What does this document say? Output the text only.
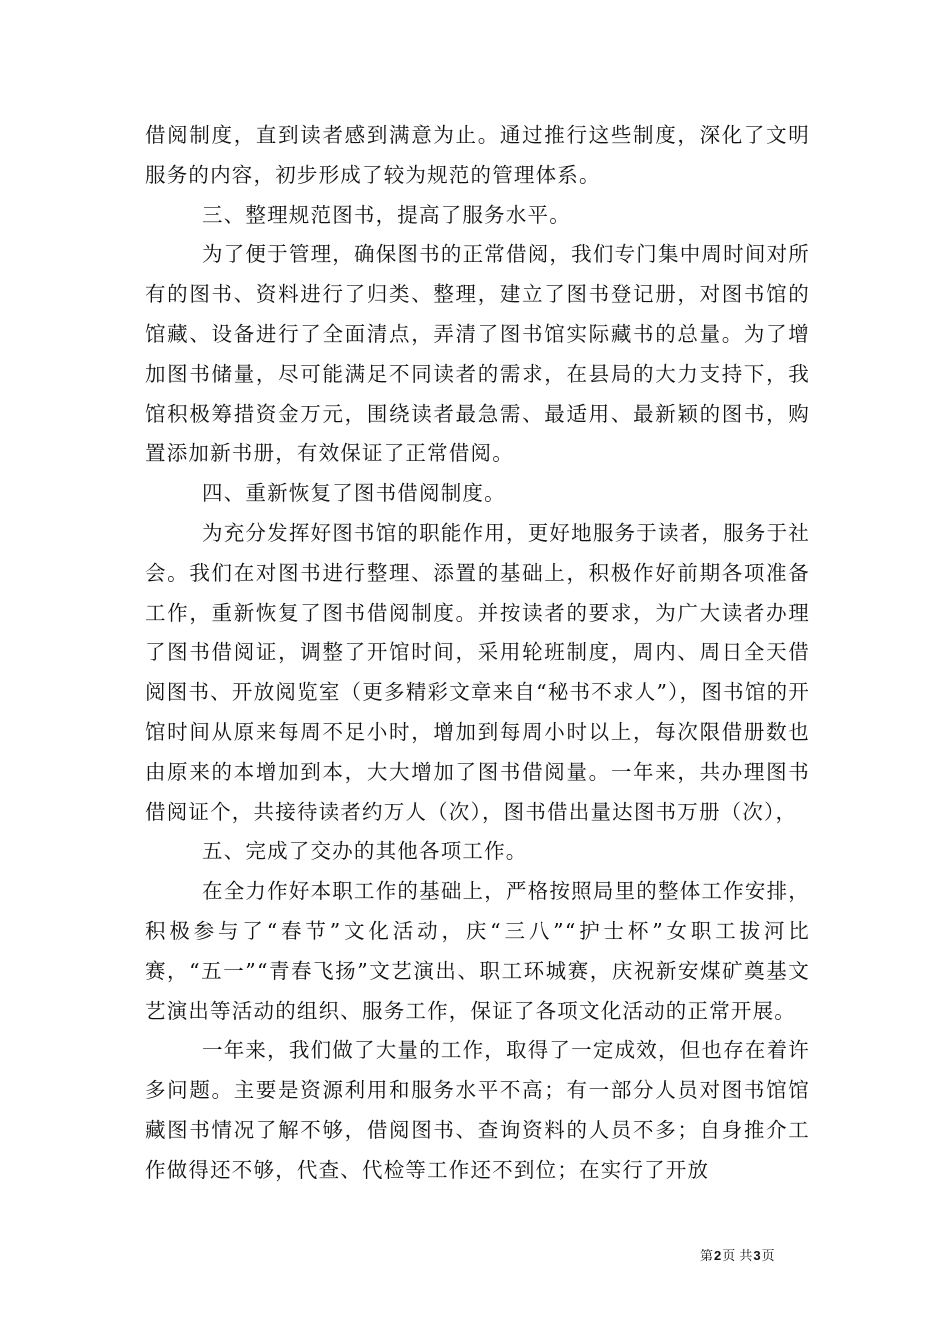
借阅制度，直到读者感到满意为止。通过推行这些制度，深化了文明服务的内容，初步形成了较为规范的管理体系。

三、整理规范图书，提高了服务水平。

为了便于管理，确保图书的正常借阅，我们专门集中周时间对所有的图书、资料进行了归类、整理，建立了图书登记册，对图书馆的馆藏、设备进行了全面清点，弄清了图书馆实际藏书的总量。为了增加图书储量，尽可能满足不同读者的需求，在县局的大力支持下，我馆积极筹措资金万元，围绕读者最急需、最适用、最新颖的图书，购置添加新书册，有效保证了正常借阅。

四、重新恢复了图书借阅制度。

为充分发挥好图书馆的职能作用，更好地服务于读者，服务于社会。我们在对图书进行整理、添置的基础上，积极作好前期各项准备工作，重新恢复了图书借阅制度。并按读者的要求，为广大读者办理了图书借阅证，调整了开馆时间，采用轮班制度，周内、周日全天借阅图书、开放阅览室（更多精彩文章来自“秘书不求人”），图书馆的开馆时间从原来每周不足小时，增加到每周小时以上，每次限借册数也由原来的本增加到本，大大增加了图书借阅量。一年来，共办理图书借阅证个，共接待读者约万人（次），图书借出量达图书万册（次），

五、完成了交办的其他各项工作。

在全力作好本职工作的基础上，严格按照局里的整体工作安排，积极参与了“春节”文化活动，庆“三八”“护士杯”女职工拔河比赛，“五一”“青春飞扬”文艺演出、职工环城赛，庆祝新安煤矿奠基文艺演出等活动的组织、服务工作，保证了各项文化活动的正常开展。

一年来，我们做了大量的工作，取得了一定成效，但也存在着许多问题。主要是资源利用和服务水平不高；有一部分人员对图书馆馆藏图书情况了解不够，借阅图书、查询资料的人员不多；自身推介工作做得还不够，代查、代检等工作还不到位；在实行了开放

第2页 共3页
